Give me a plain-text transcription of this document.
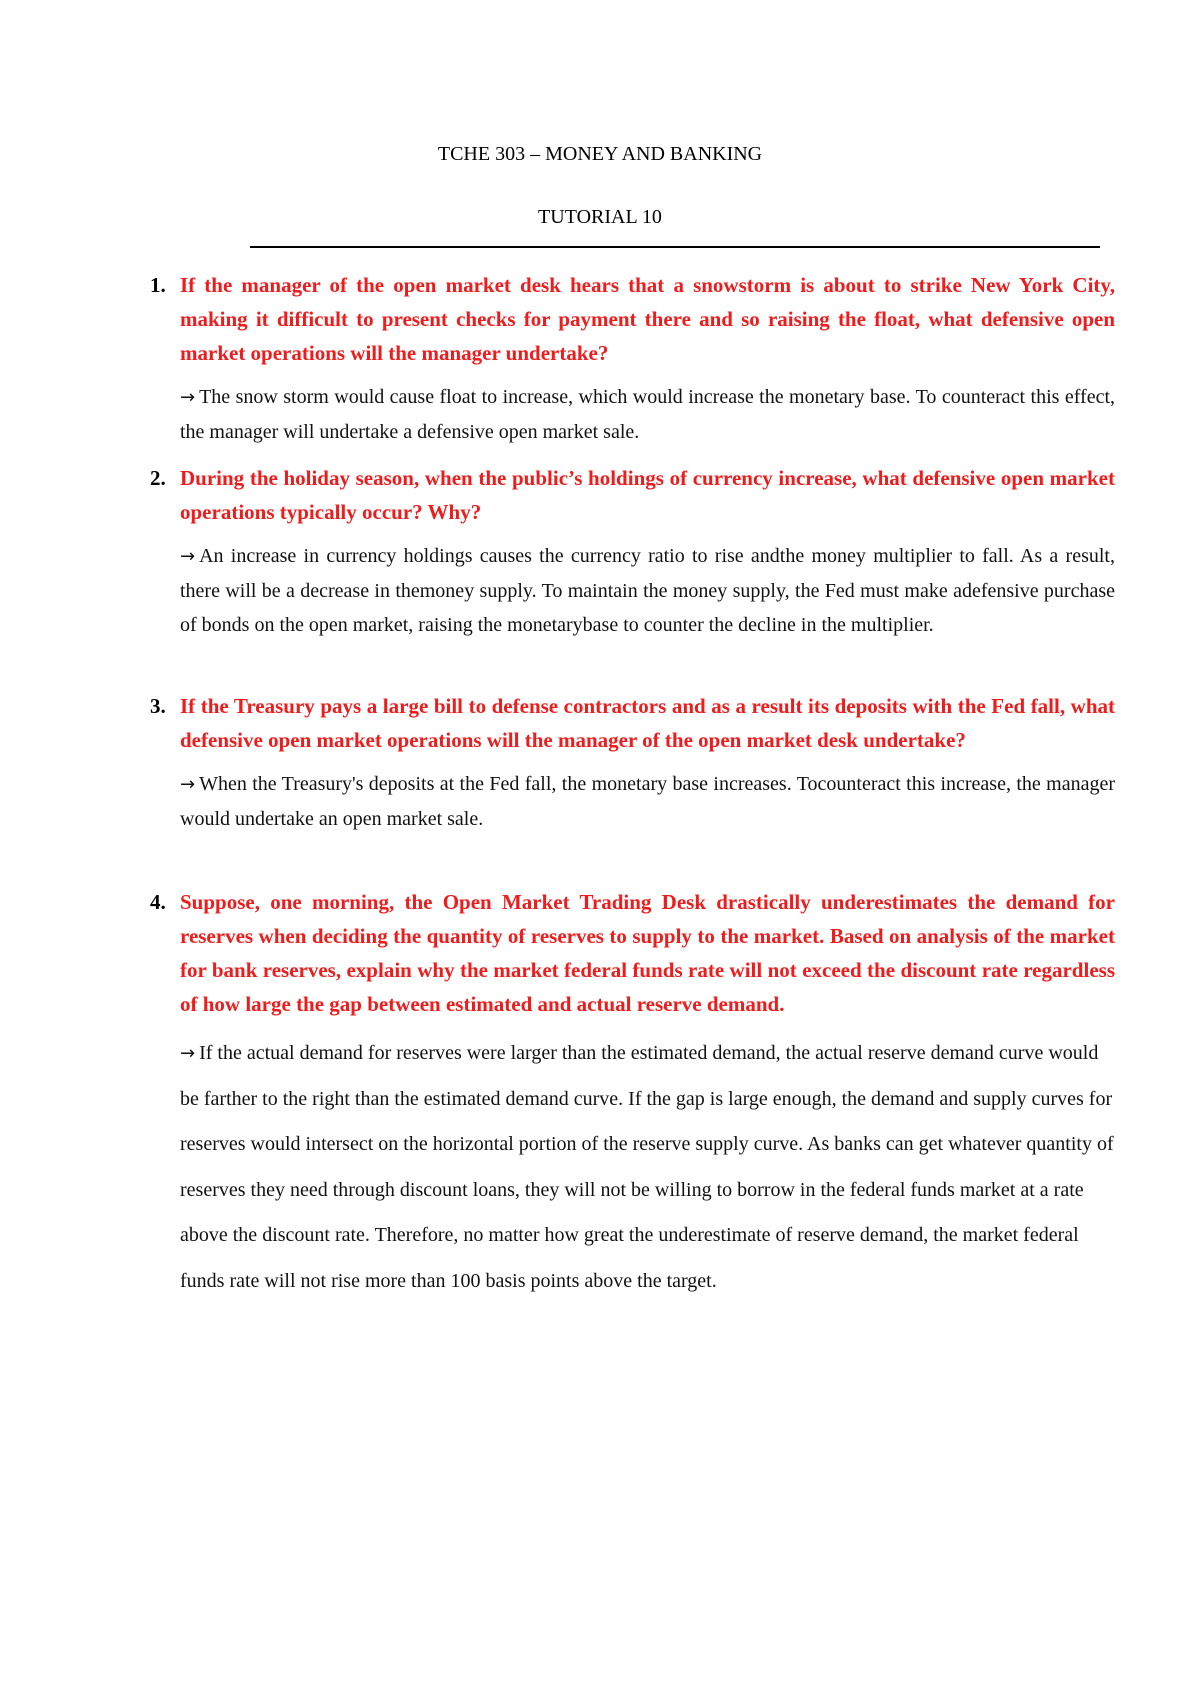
TCHE 303 – MONEY AND BANKING
TUTORIAL 10
1. If the manager of the open market desk hears that a snowstorm is about to strike New York City, making it difficult to present checks for payment there and so raising the float, what defensive open market operations will the manager undertake?

→ The snow storm would cause float to increase, which would increase the monetary base. To counteract this effect, the manager will undertake a defensive open market sale.
2. During the holiday season, when the public’s holdings of currency increase, what defensive open market operations typically occur? Why?

→ An increase in currency holdings causes the currency ratio to rise andthe money multiplier to fall. As a result, there will be a decrease in themoney supply. To maintain the money supply, the Fed must make adefensive purchase of bonds on the open market, raising the monetarybase to counter the decline in the multiplier.
3. If the Treasury pays a large bill to defense contractors and as a result its deposits with the Fed fall, what defensive open market operations will the manager of the open market desk undertake?

→ When the Treasury's deposits at the Fed fall, the monetary base increases. Tocounteract this increase, the manager would undertake an open market sale.
4. Suppose, one morning, the Open Market Trading Desk drastically underestimates the demand for reserves when deciding the quantity of reserves to supply to the market. Based on analysis of the market for bank reserves, explain why the market federal funds rate will not exceed the discount rate regardless of how large the gap between estimated and actual reserve demand.

→ If the actual demand for reserves were larger than the estimated demand, the actual reserve demand curve would be farther to the right than the estimated demand curve. If the gap is large enough, the demand and supply curves for reserves would intersect on the horizontal portion of the reserve supply curve. As banks can get whatever quantity of reserves they need through discount loans, they will not be willing to borrow in the federal funds market at a rate above the discount rate. Therefore, no matter how great the underestimate of reserve demand, the market federal funds rate will not rise more than 100 basis points above the target.
